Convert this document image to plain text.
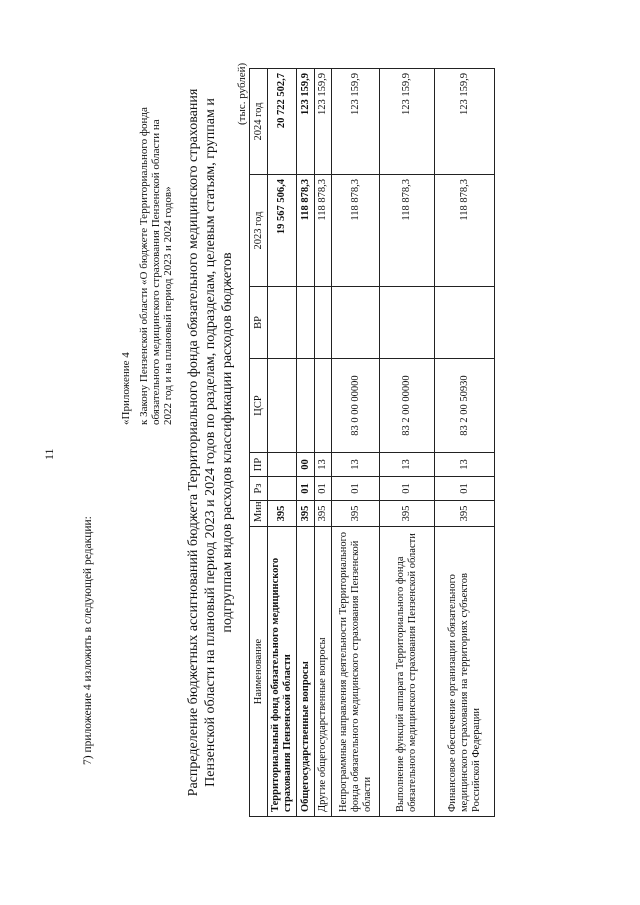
11
7) приложение 4 изложить в следующей редакции:
«Приложение 4 к Закону Пензенской области «О бюджете Территориального фонда обязательного медицинского страхования Пензенской области на 2022 год и на плановый период 2023 и 2024 годов» Распределение бюджетных ассигнований бюджета Территориального фонда обязательного медицинского страхования Пензенской области на плановый период 2023 и 2024 годов по разделам, подразделам, целевым статьям, группам и подгруппам видов расходов классификации расходов бюджетов
(тыс. рублей)
Наименование	Мин	Рз	ПР	ЦСР	ВР	2023 год	2024 год
Территориальный фонд обязательного медицинского страхования Пензенской области	395					19 567 506,4	20 722 502,7
Общегосударственные вопросы	395	01	00			118 878,3	123 159,9
Другие общегосударственные вопросы	395	01	13			118 878,3	123 159,9
Непрограммные направления деятельности Территориального фонда обязательного медицинского страхования Пензенской области	395	01	13	83 0 00 00000		118 878,3	123 159,9
Выполнение функций аппарата Территориального фонда обязательного медицинского страхования Пензенской области	395	01	13	83 2 00 00000		118 878,3	123 159,9
Финансовое обеспечение организации обязательного медицинского страхования на территориях субъектов Российской Федерации	395	01	13	83 2 00 50930		118 878,3	123 159,9
